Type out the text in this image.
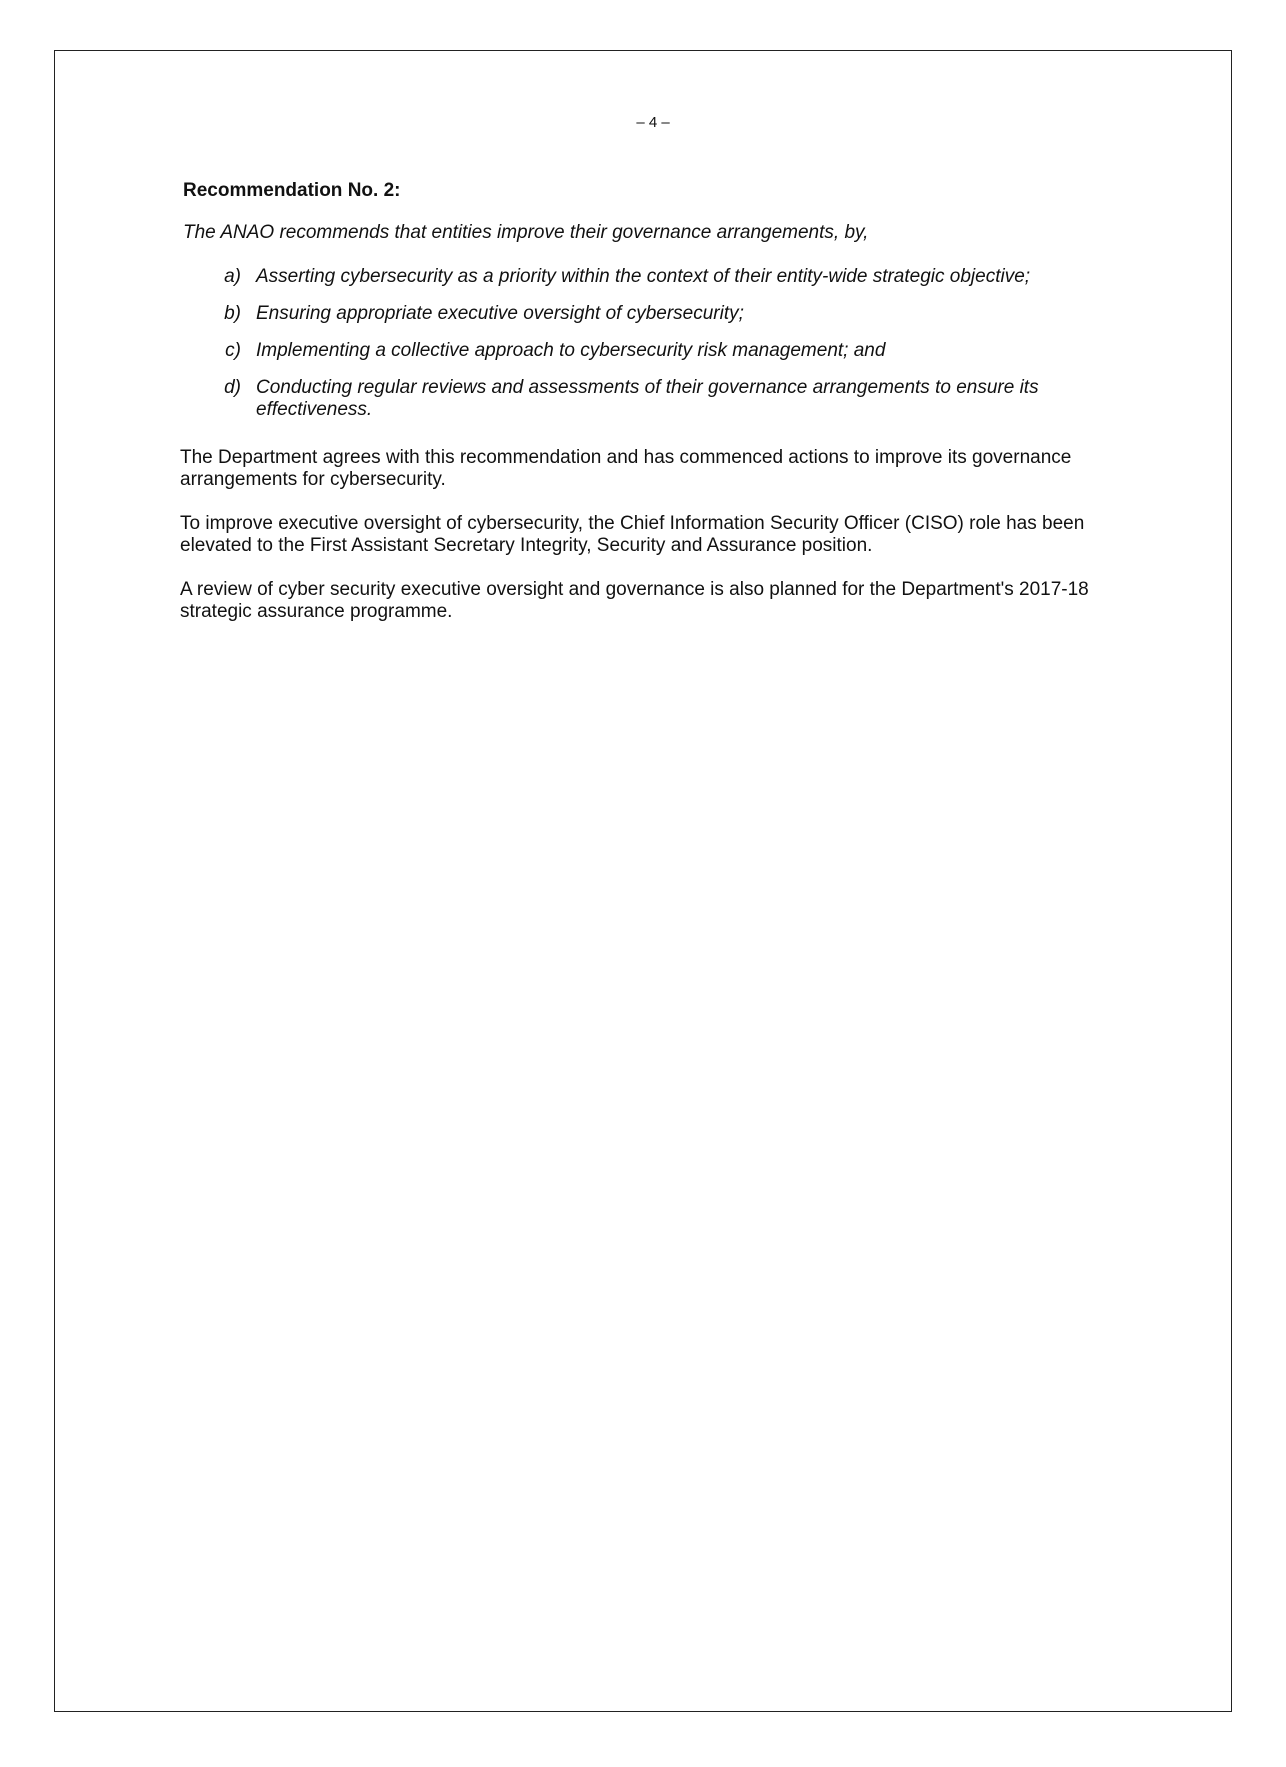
– 4 –
Recommendation No. 2:
The ANAO recommends that entities improve their governance arrangements, by,
a) Asserting cybersecurity as a priority within the context of their entity-wide strategic objective;
b) Ensuring appropriate executive oversight of cybersecurity;
c) Implementing a collective approach to cybersecurity risk management; and
d) Conducting regular reviews and assessments of their governance arrangements to ensure its effectiveness.

The Department agrees with this recommendation and has commenced actions to improve its governance arrangements for cybersecurity.

To improve executive oversight of cybersecurity, the Chief Information Security Officer (CISO) role has been elevated to the First Assistant Secretary Integrity, Security and Assurance position.

A review of cyber security executive oversight and governance is also planned for the Department's 2017-18 strategic assurance programme.
